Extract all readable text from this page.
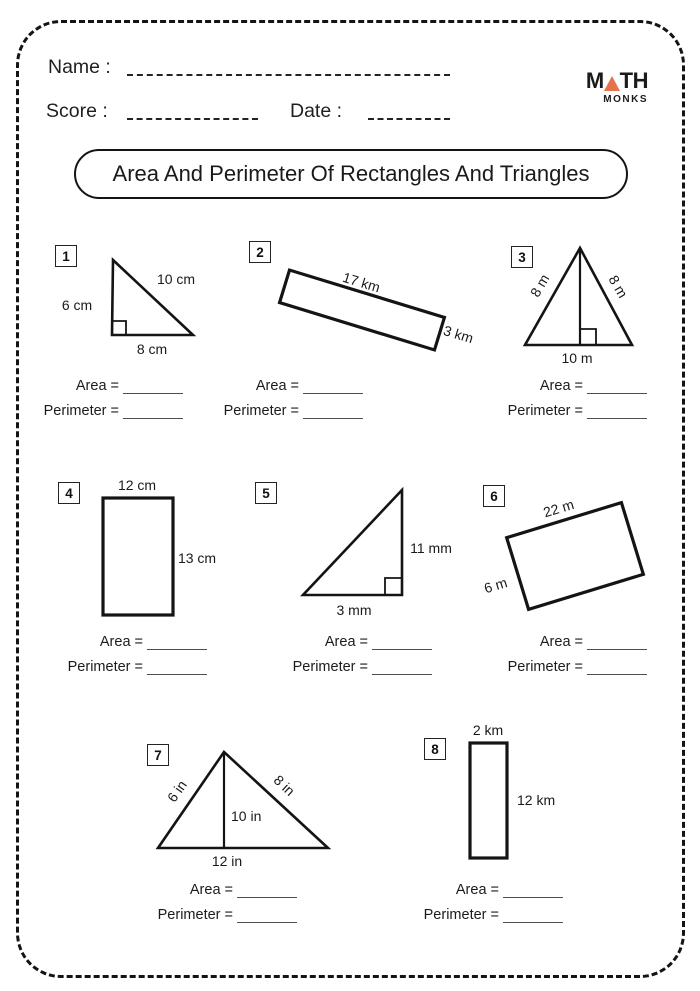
Name :
Score :	Date :
M TH
MONKS
Area And Perimeter Of Rectangles And Triangles
1
6 cm
10 cm
8 cm
Area =
Perimeter =
2
17 km
3 km
Area =
Perimeter =
3
8 m	8 m
10 m
Area =
Perimeter =
4	12 cm
13 cm
Area =
Perimeter =
5
11 mm
3 mm
Area =
Perimeter =
6
22 m
6 m
Area =
Perimeter =
7
6 in	8 in
10 in
12 in
Area =
Perimeter =
8
2 km
12 km
Area =
Perimeter =
